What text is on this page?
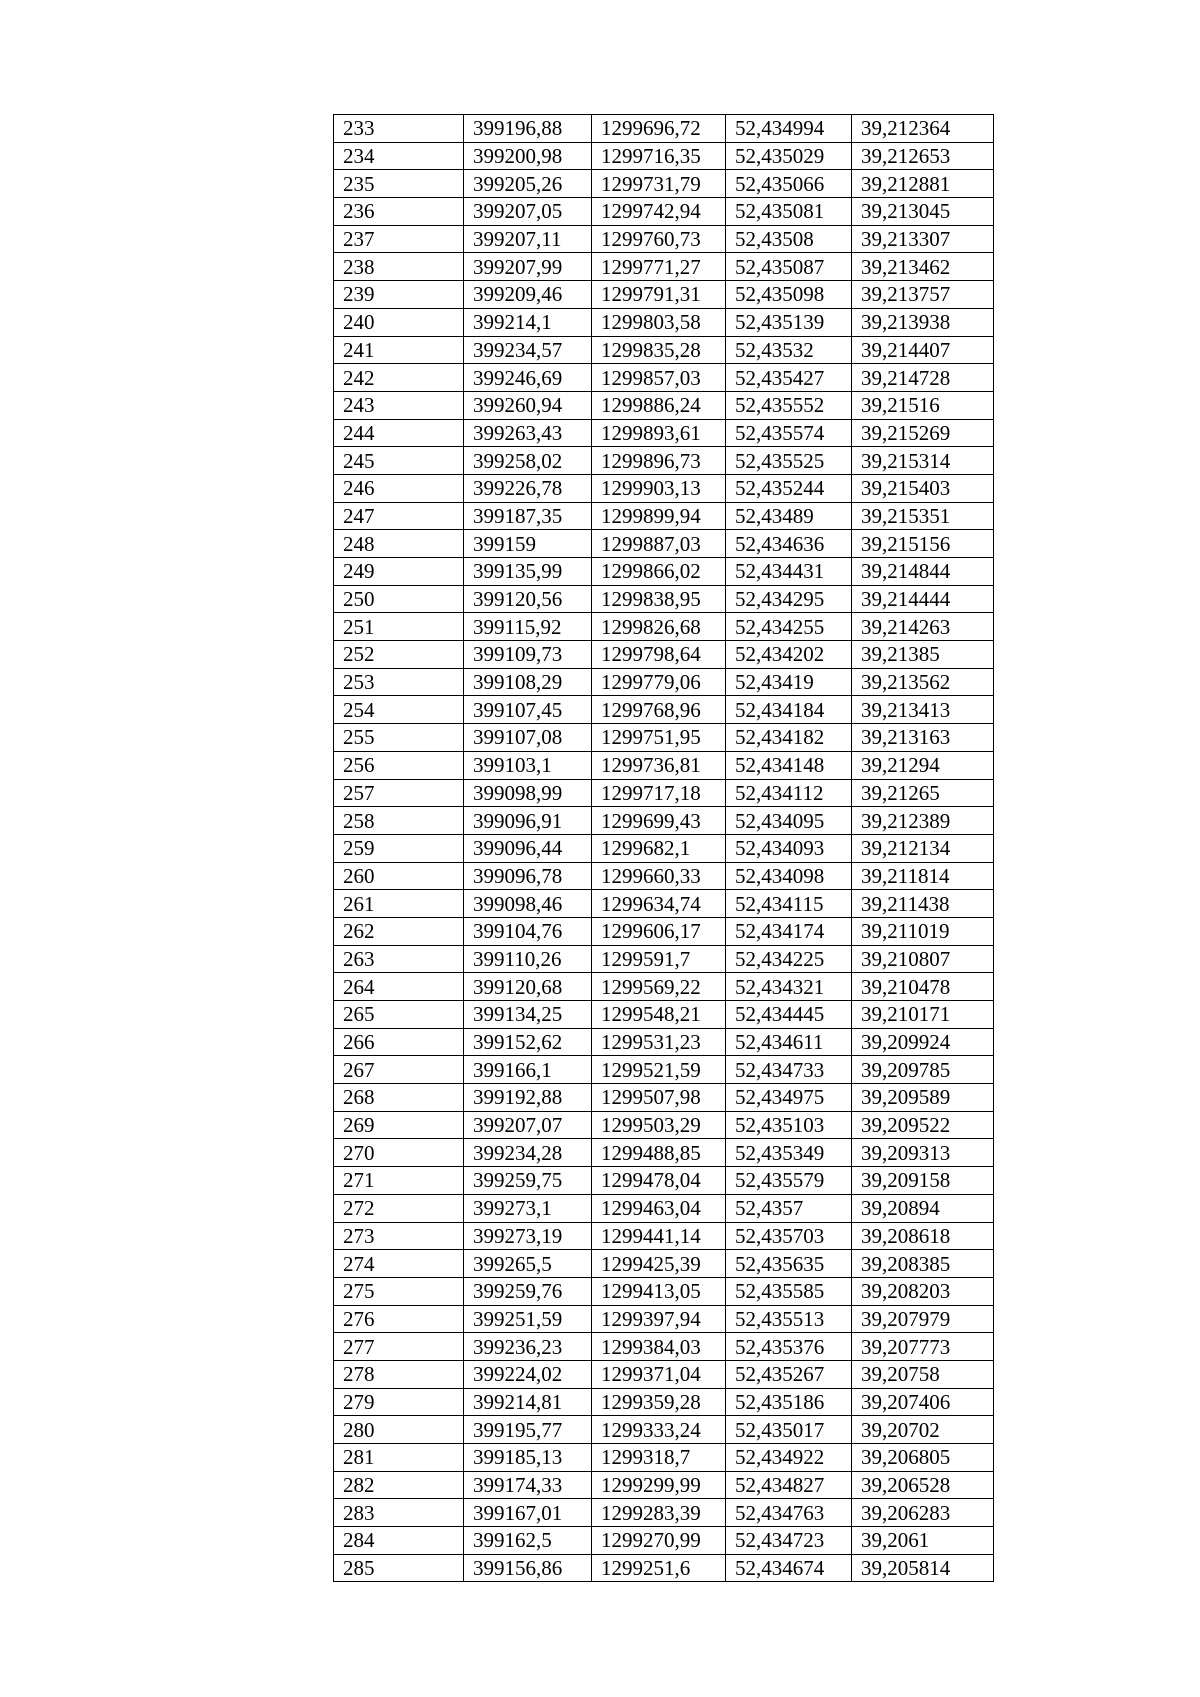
233	399196,88	1299696,72	52,434994	39,212364
234	399200,98	1299716,35	52,435029	39,212653
235	399205,26	1299731,79	52,435066	39,212881
236	399207,05	1299742,94	52,435081	39,213045
237	399207,11	1299760,73	52,43508	39,213307
238	399207,99	1299771,27	52,435087	39,213462
239	399209,46	1299791,31	52,435098	39,213757
240	399214,1	1299803,58	52,435139	39,213938
241	399234,57	1299835,28	52,43532	39,214407
242	399246,69	1299857,03	52,435427	39,214728
243	399260,94	1299886,24	52,435552	39,21516
244	399263,43	1299893,61	52,435574	39,215269
245	399258,02	1299896,73	52,435525	39,215314
246	399226,78	1299903,13	52,435244	39,215403
247	399187,35	1299899,94	52,43489	39,215351
248	399159	1299887,03	52,434636	39,215156
249	399135,99	1299866,02	52,434431	39,214844
250	399120,56	1299838,95	52,434295	39,214444
251	399115,92	1299826,68	52,434255	39,214263
252	399109,73	1299798,64	52,434202	39,21385
253	399108,29	1299779,06	52,43419	39,213562
254	399107,45	1299768,96	52,434184	39,213413
255	399107,08	1299751,95	52,434182	39,213163
256	399103,1	1299736,81	52,434148	39,21294
257	399098,99	1299717,18	52,434112	39,21265
258	399096,91	1299699,43	52,434095	39,212389
259	399096,44	1299682,1	52,434093	39,212134
260	399096,78	1299660,33	52,434098	39,211814
261	399098,46	1299634,74	52,434115	39,211438
262	399104,76	1299606,17	52,434174	39,211019
263	399110,26	1299591,7	52,434225	39,210807
264	399120,68	1299569,22	52,434321	39,210478
265	399134,25	1299548,21	52,434445	39,210171
266	399152,62	1299531,23	52,434611	39,209924
267	399166,1	1299521,59	52,434733	39,209785
268	399192,88	1299507,98	52,434975	39,209589
269	399207,07	1299503,29	52,435103	39,209522
270	399234,28	1299488,85	52,435349	39,209313
271	399259,75	1299478,04	52,435579	39,209158
272	399273,1	1299463,04	52,4357	39,20894
273	399273,19	1299441,14	52,435703	39,208618
274	399265,5	1299425,39	52,435635	39,208385
275	399259,76	1299413,05	52,435585	39,208203
276	399251,59	1299397,94	52,435513	39,207979
277	399236,23	1299384,03	52,435376	39,207773
278	399224,02	1299371,04	52,435267	39,20758
279	399214,81	1299359,28	52,435186	39,207406
280	399195,77	1299333,24	52,435017	39,20702
281	399185,13	1299318,7	52,434922	39,206805
282	399174,33	1299299,99	52,434827	39,206528
283	399167,01	1299283,39	52,434763	39,206283
284	399162,5	1299270,99	52,434723	39,2061
285	399156,86	1299251,6	52,434674	39,205814
